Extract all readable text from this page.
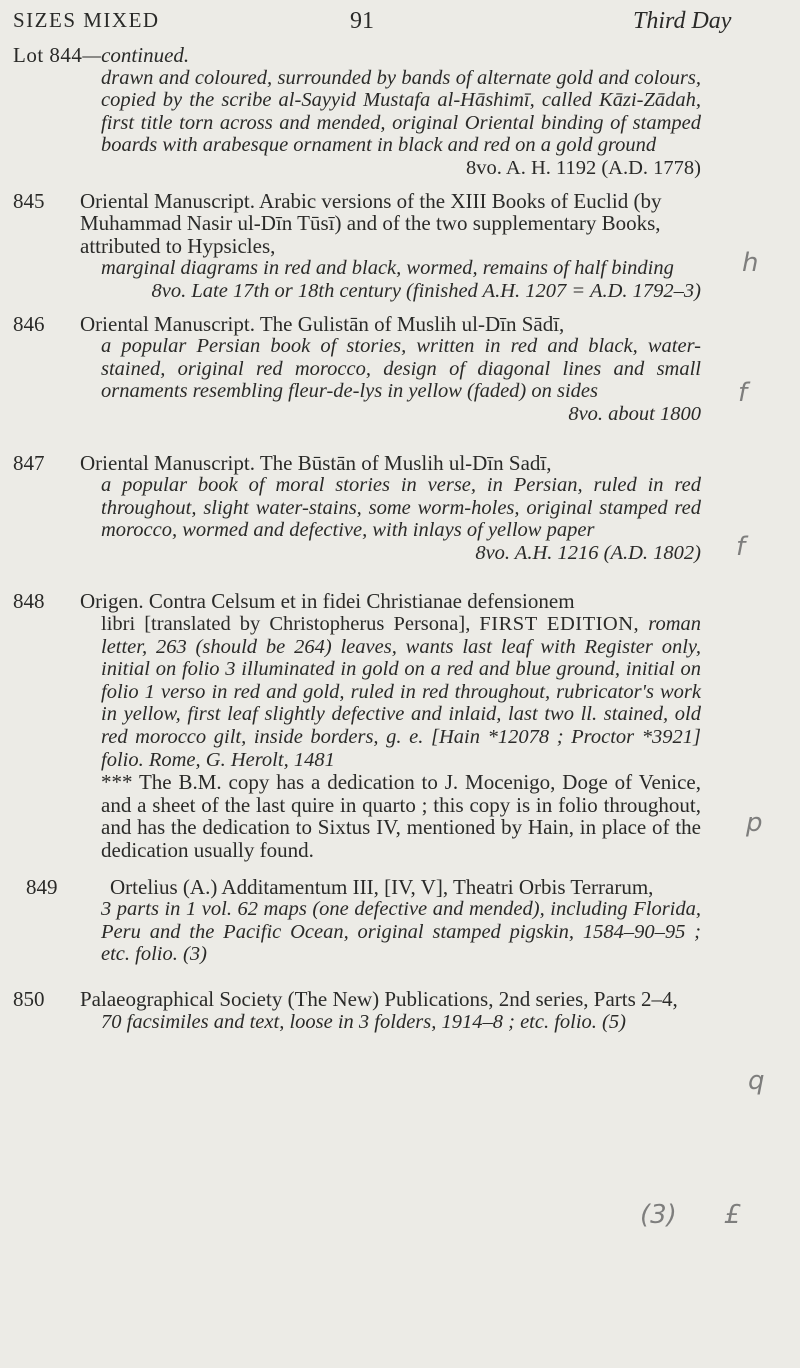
SIZES MIXED	91	Third Day
Lot 844—continued.
drawn and coloured, surrounded by bands of alternate gold and colours, copied by the scribe al-Sayyid Mustafa al-Hāshimī, called Kāzi-Zādah, first title torn across and mended, original Oriental binding of stamped boards with arabesque ornament in black and red on a gold ground
8vo. A. H. 1192 (A.D. 1778)
845 Oriental Manuscript. Arabic versions of the XIII Books of Euclid (by Muhammad Nasir ul-Dīn Tūsī) and of the two supplementary Books, attributed to Hypsicles,
marginal diagrams in red and black, wormed, remains of half binding
8vo. Late 17th or 18th century (finished A.H. 1207 = A.D. 1792–3)
846 Oriental Manuscript. The Gulistān of Muslih ul-Dīn Sādī,
a popular Persian book of stories, written in red and black, water-stained, original red morocco, design of diagonal lines and small ornaments resembling fleur-de-lys in yellow (faded) on sides
8vo. about 1800
847 Oriental Manuscript. The Būstān of Muslih ul-Dīn Sadī,
a popular book of moral stories in verse, in Persian, ruled in red throughout, slight water-stains, some worm-holes, original stamped red morocco, wormed and defective, with inlays of yellow paper
8vo. A.H. 1216 (A.D. 1802)
848 Origen. Contra Celsum et in fidei Christianae defensionem
libri [translated by Christopherus Persona], FIRST EDITION, roman letter, 263 (should be 264) leaves, wants last leaf with Register only, initial on folio 3 illuminated in gold on a red and blue ground, initial on folio 1 verso in red and gold, ruled in red throughout, rubricator's work in yellow, first leaf slightly defective and inlaid, last two ll. stained, old red morocco gilt, inside borders, g. e. [Hain *12078 ; Proctor *3921] folio. Rome, G. Herolt, 1481
*** The B.M. copy has a dedication to J. Mocenigo, Doge of Venice, and a sheet of the last quire in quarto ; this copy is in folio throughout, and has the dedication to Sixtus IV, mentioned by Hain, in place of the dedication usually found.
849	Ortelius (A.) Additamentum III, [IV, V], Theatri Orbis Terrarum,
3 parts in 1 vol. 62 maps (one defective and mended), including Florida, Peru and the Pacific Ocean, original stamped pigskin, 1584–90–95 ; etc. folio. (3)
850 Palaeographical Society (The New) Publications, 2nd series, Parts 2–4,
70 facsimiles and text, loose in 3 folders, 1914–8 ; etc. folio. (5)
h
f
f
p
q
(3) £
